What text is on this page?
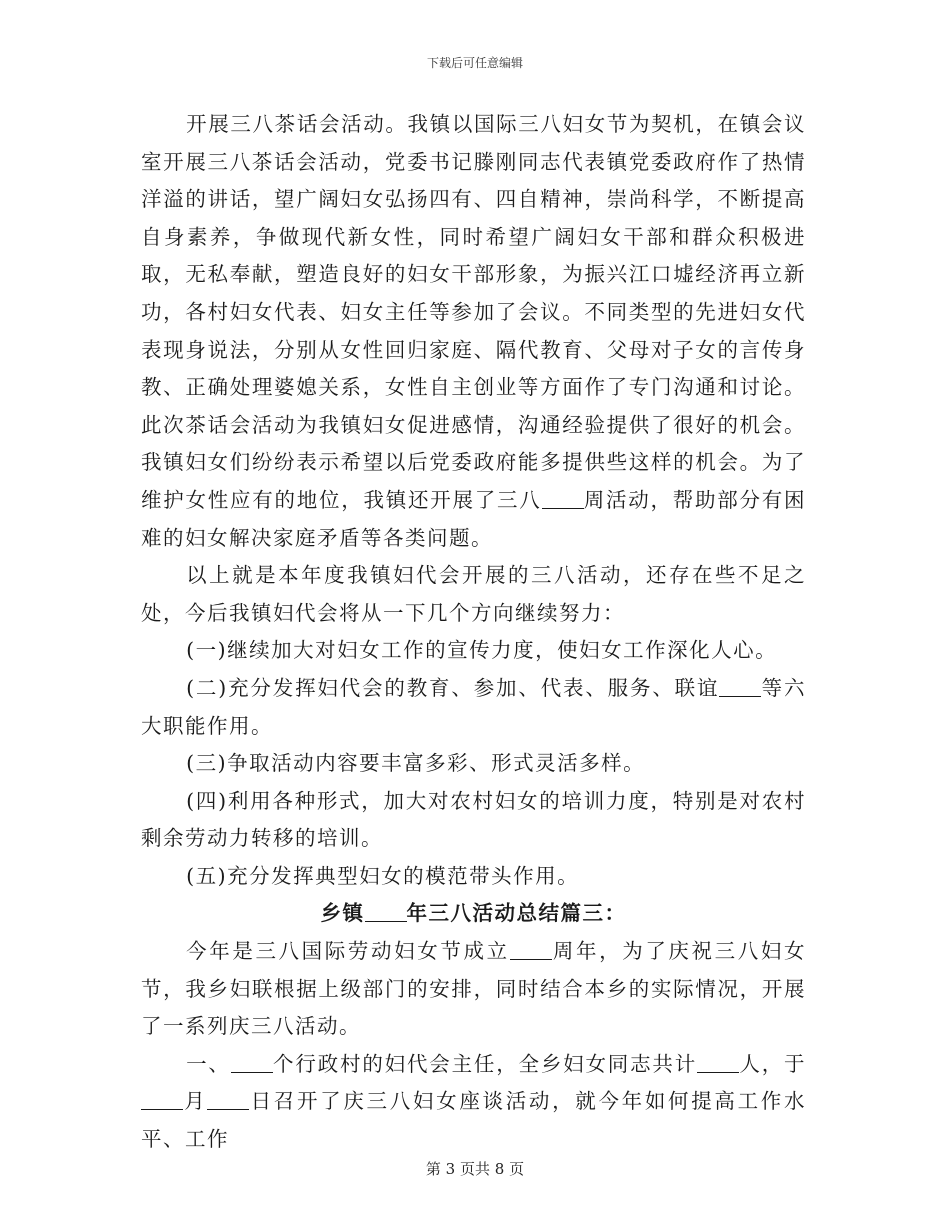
下载后可任意编辑

开展三八茶话会活动。我镇以国际三八妇女节为契机，在镇会议室开展三八茶话会活动，党委书记滕刚同志代表镇党委政府作了热情洋溢的讲话，望广阔妇女弘扬四有、四自精神，崇尚科学，不断提高自身素养，争做现代新女性，同时希望广阔妇女干部和群众积极进取，无私奉献，塑造良好的妇女干部形象，为振兴江口墟经济再立新功，各村妇女代表、妇女主任等参加了会议。不同类型的先进妇女代表现身说法，分别从女性回归家庭、隔代教育、父母对子女的言传身教、正确处理婆媳关系，女性自主创业等方面作了专门沟通和讨论。此次茶话会活动为我镇妇女促进感情，沟通经验提供了很好的机会。我镇妇女们纷纷表示希望以后党委政府能多提供些这样的机会。为了维护女性应有的地位，我镇还开展了三八 周活动，帮助部分有困难的妇女解决家庭矛盾等各类问题。

以上就是本年度我镇妇代会开展的三八活动，还存在些不足之处，今后我镇妇代会将从一下几个方向继续努力：

(一)继续加大对妇女工作的宣传力度，使妇女工作深化人心。

(二)充分发挥妇代会的教育、参加、代表、服务、联谊 等六大职能作用。

(三)争取活动内容要丰富多彩、形式灵活多样。

(四)利用各种形式，加大对农村妇女的培训力度，特别是对农村剩余劳动力转移的培训。

(五)充分发挥典型妇女的模范带头作用。

乡镇 年三八活动总结篇三：

今年是三八国际劳动妇女节成立 周年，为了庆祝三八妇女节，我乡妇联根据上级部门的安排，同时结合本乡的实际情况，开展了一系列庆三八活动。

一、 个行政村的妇代会主任，全乡妇女同志共计 人，于月 日召开了庆三八妇女座谈活动，就今年如何提高工作水平、工作

第 3 页共 8 页
